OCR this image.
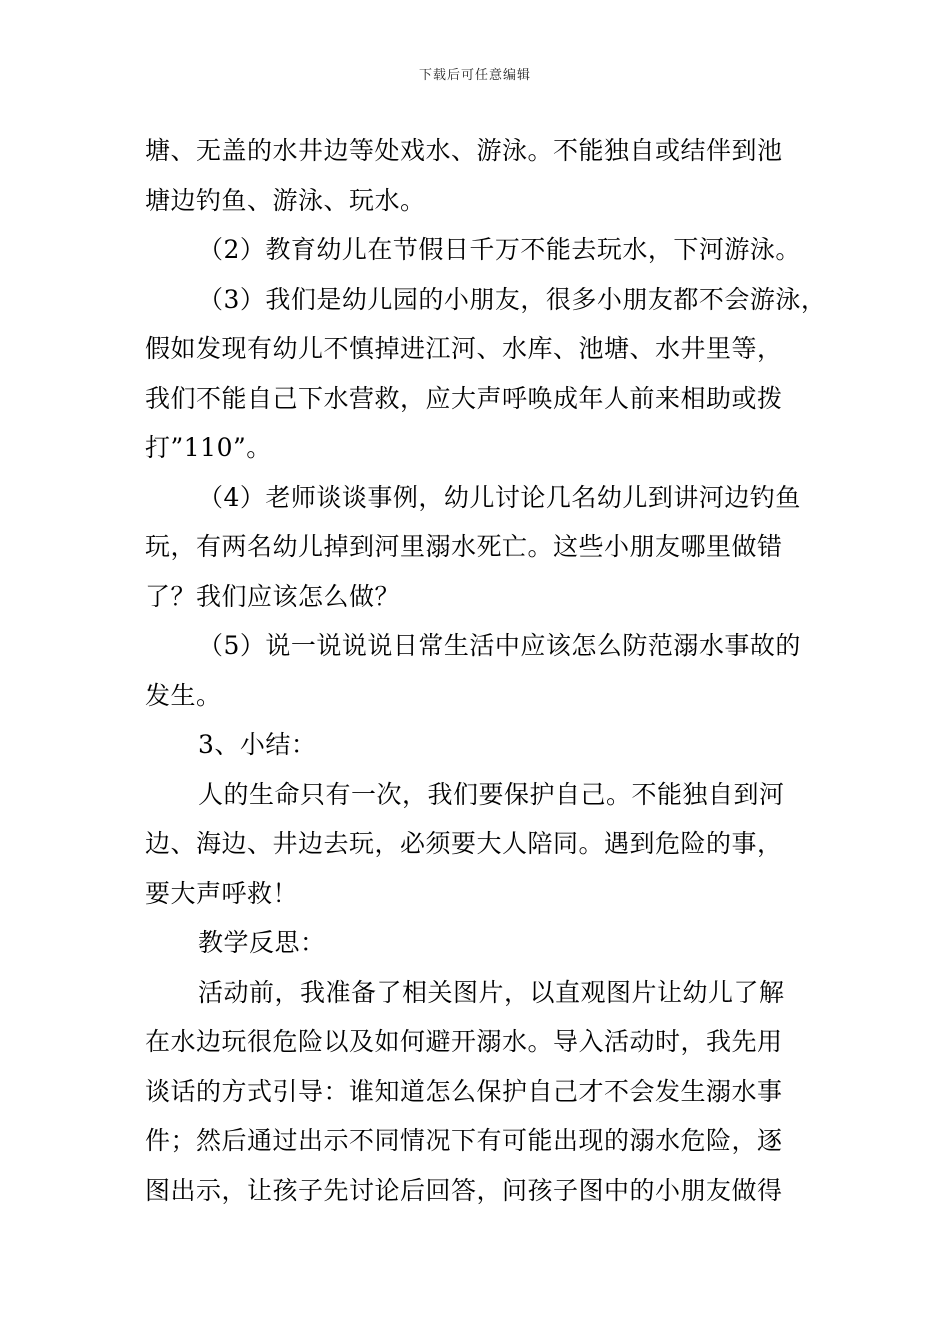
下载后可任意编辑
塘、无盖的水井边等处戏水、游泳。不能独自或结伴到池
塘边钓鱼、游泳、玩水。
（2）教育幼儿在节假日千万不能去玩水，下河游泳。
（3）我们是幼儿园的小朋友，很多小朋友都不会游泳，
假如发现有幼儿不慎掉进江河、水库、池塘、水井里等，
我们不能自己下水营救，应大声呼唤成年人前来相助或拨
打”110”。
（4）老师谈谈事例，幼儿讨论几名幼儿到讲河边钓鱼
玩，有两名幼儿掉到河里溺水死亡。这些小朋友哪里做错
了？我们应该怎么做？
（5）说一说说说日常生活中应该怎么防范溺水事故的
发生。
3、小结：
人的生命只有一次，我们要保护自己。不能独自到河
边、海边、井边去玩，必须要大人陪同。遇到危险的事，
要大声呼救！
教学反思：
活动前，我准备了相关图片，以直观图片让幼儿了解
在水边玩很危险以及如何避开溺水。导入活动时，我先用
谈话的方式引导：谁知道怎么保护自己才不会发生溺水事
件；然后通过出示不同情况下有可能出现的溺水危险，逐
图出示，让孩子先讨论后回答，问孩子图中的小朋友做得
